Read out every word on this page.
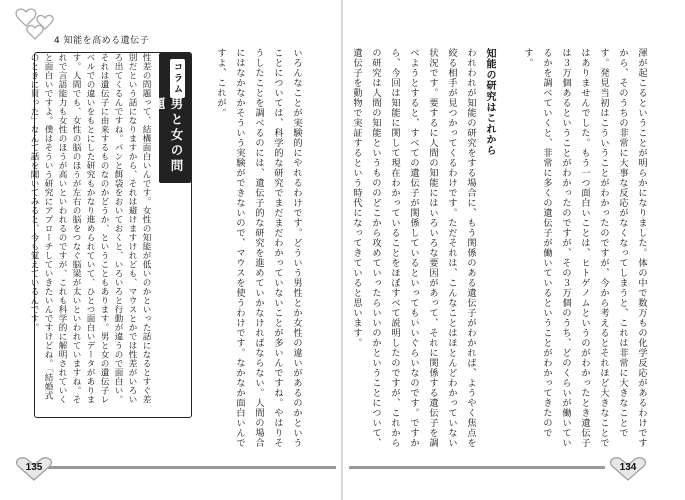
4 知能を高める遺伝子
コラム
男と女の問題
性差の問題って、結構面白いんです。女性の知能が低いのかといった話になるとすぐ差別だという話になりますから、それは避けますけれども、マウスとかでは性差がいろいろ出てくるんですね。パンと餌袋をおいておくと、いろいろと行動が違うので面白い。それは遺伝子に由来するものなのかどうか、ということもあります。男と女の遺伝子レベルでの違いをもとにした研究もかなり進められていて、ひとつ面白いデータがあります。人間でも、女性の脳のほうが左右の脳をつなぐ脳梁が太いといわれていますね。それで言語能力も女性のほうが高いといわれるのですが、これも科学的に解明されていくと面白いですよ。僕はそういう研究にアプローチしていきたいんですけどね。「結婚式のときに買った」なんて話を聞いてみると、今も覚えているんです。	いろんなことが実験的にやれるわけです。どういう男性とか女性の違いがあるのかということについては、科学的な研究でまだまだわかっていないことが多いんですね。やはりそうしたことを調べるのには、遺伝子的な研究を進めていかなければならない。人間の場合にはなかなかそういう実験ができないので、マウスを使うわけです。なかなか面白いんですよ、これが。
135
渾が起こるということが明らかになりました。体の中で数万もの化学反応があるわけですから、そのうちの非常に大事な反応がなくなってしまうと、これは非常に大きなことです。発見当初はこういうことがわかったのですが、今から考えるとそれほど大きなことではありませんでした。もう一つ面白いことは、ヒトゲノムというのがわかったとき遺伝子は３万個あるということがわかったのですが、その３万個のうち、どのくらいが働いているかを調べていくと、非常に多くの遺伝子が働いているということがわかってきたのです。

知能の研究はこれから
われわれが知能の研究をする場合に、もう関係のある遺伝子がわかれば、ようやく焦点を絞る相手が見つかってくるわけです。ただそれは、こんなことはほとんどわかっていない状況です。要するに人間の知能にはいろいろな要因があって、それに関係する遺伝子を調べようとすると、すべての遺伝子が関係しているといってもいいぐらいなのです。ですから、今回は知能に関して現在わかっていることをほぼすべて説明したのですが、これからの研究は人間の知能というもののどこから攻めていったらいいのかということについて、遺伝子を動物で実証するという時代になってきていると思います。
134
